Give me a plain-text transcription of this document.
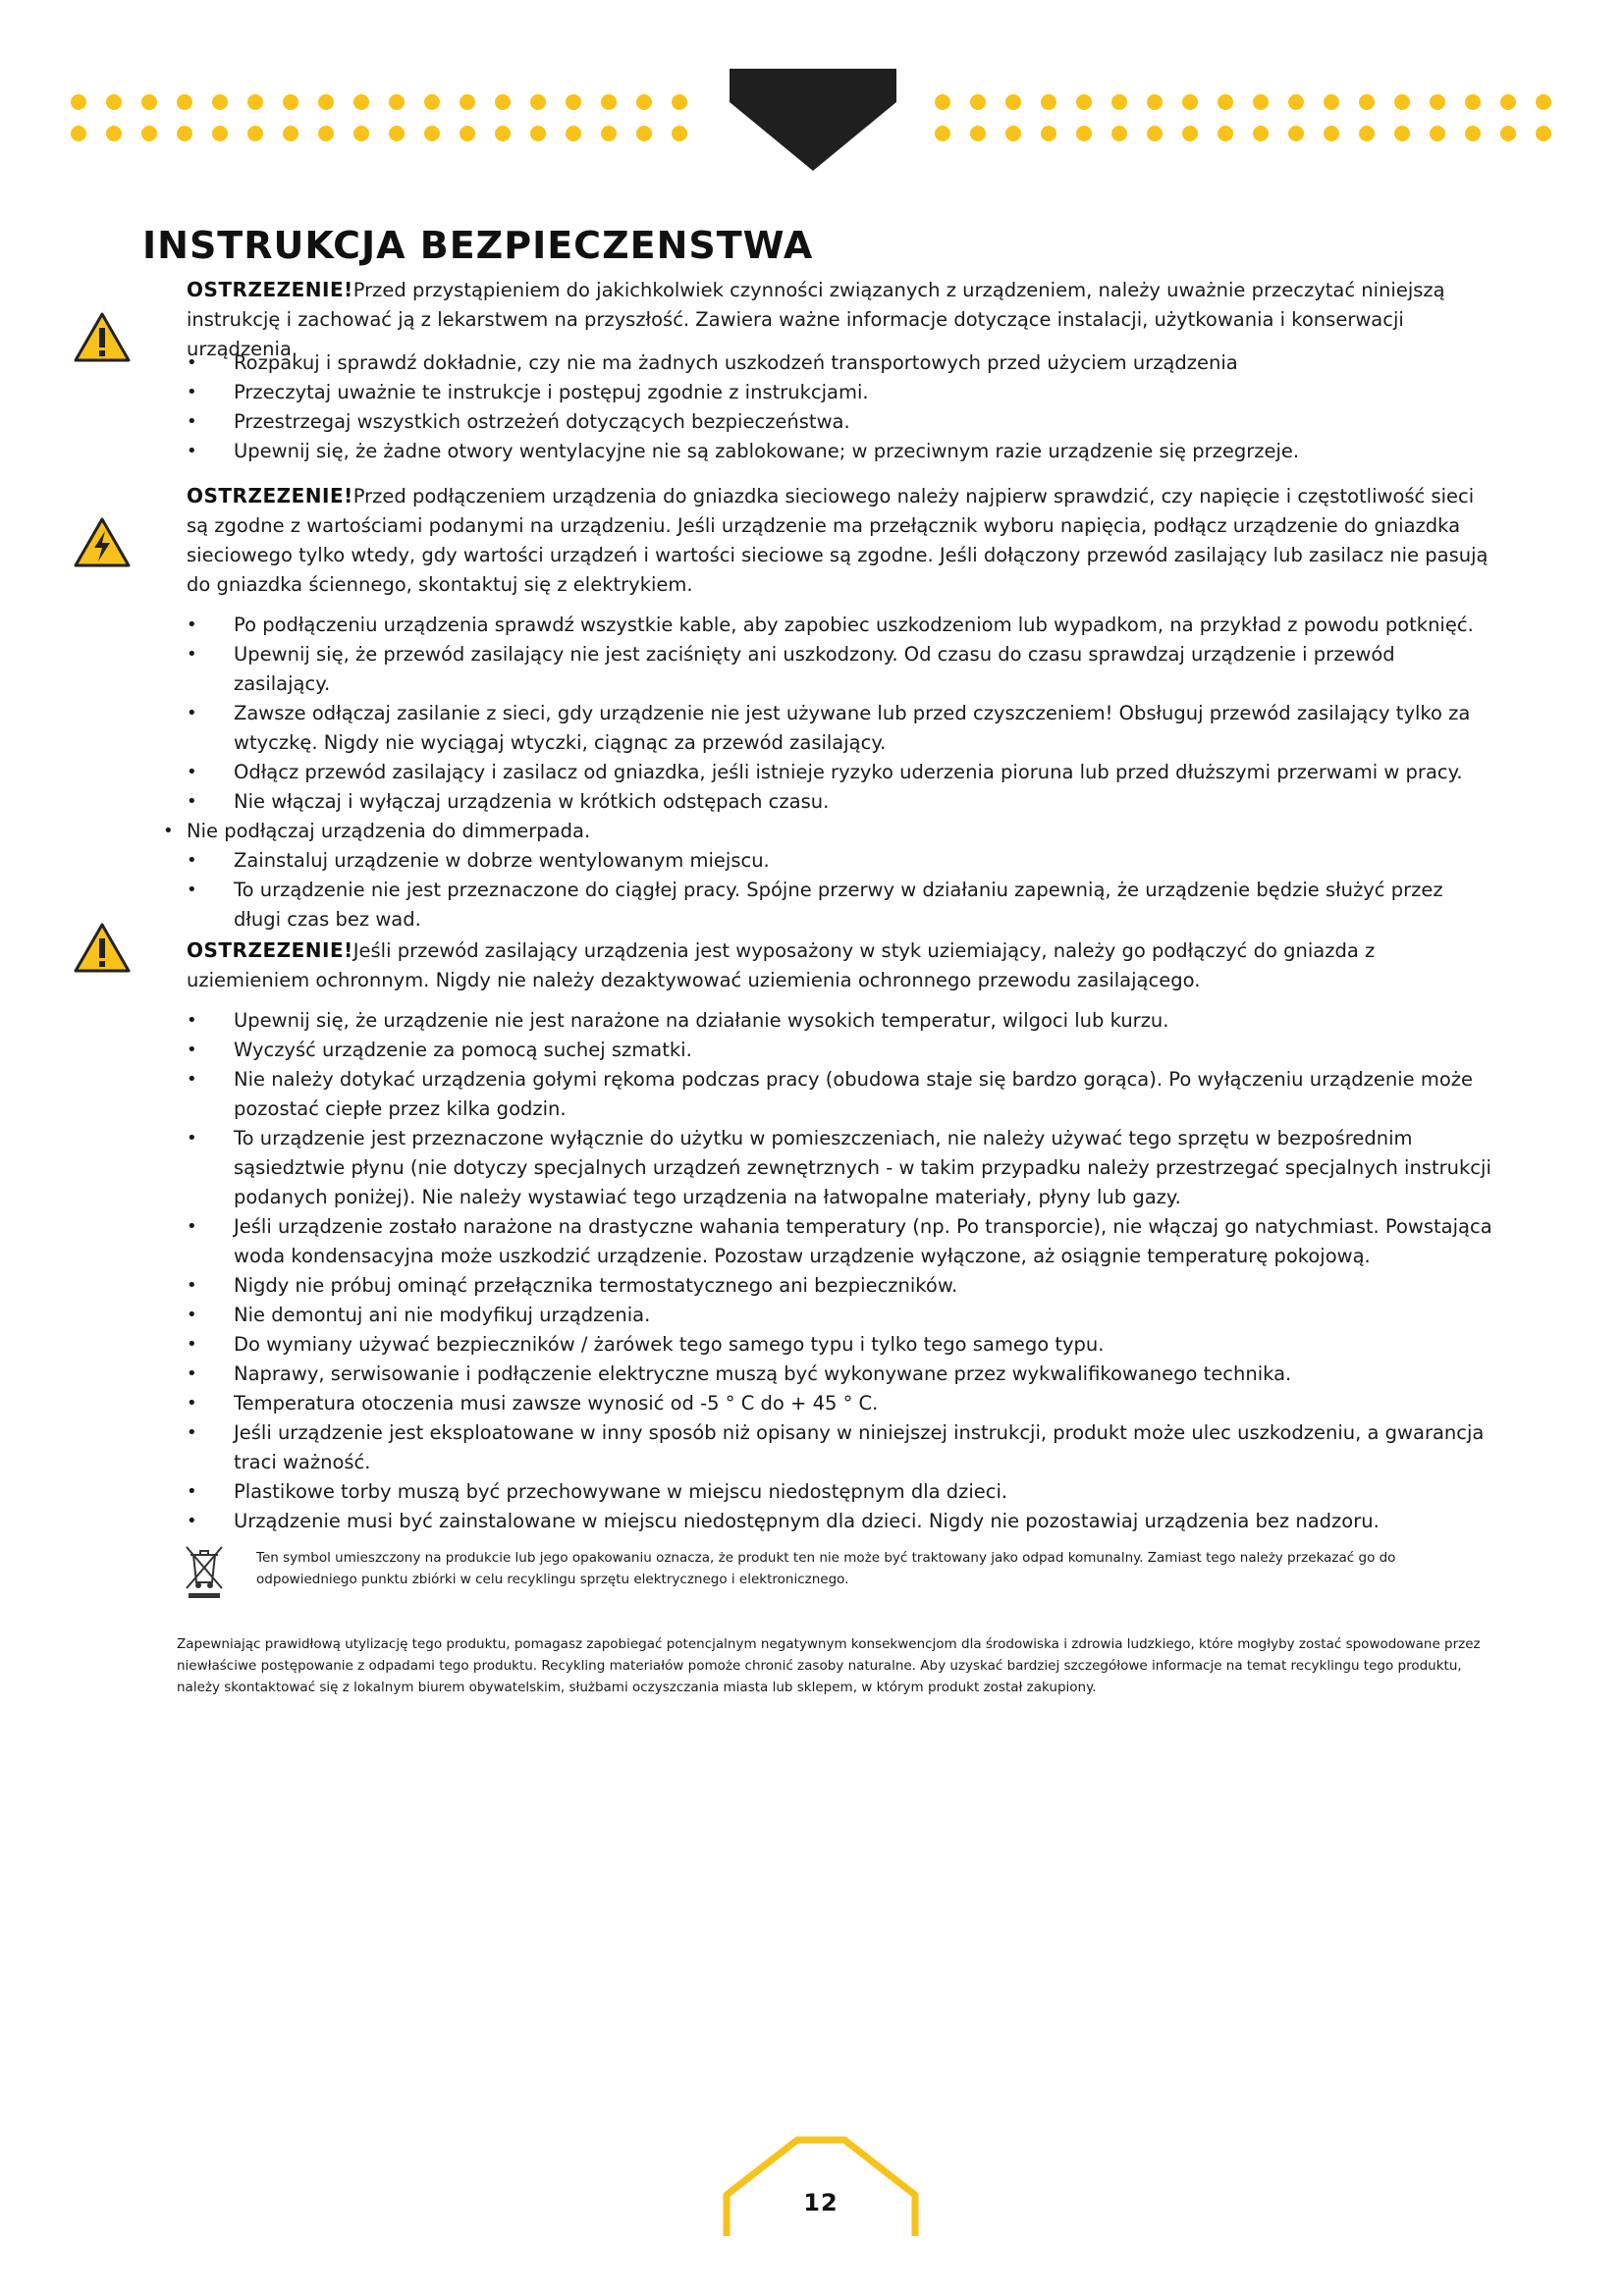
INSTRUKCJA BEZPIECZENSTWA
OSTRZEZENIE!Przed przystąpieniem do jakichkolwiek czynności związanych z urządzeniem, należy uważnie przeczytać niniejszą instrukcję i zachować ją z lekarstwem na przyszłość. Zawiera ważne informacje dotyczące instalacji, użytkowania i konserwacji urządzenia.
• Rozpakuj i sprawdź dokładnie, czy nie ma żadnych uszkodzeń transportowych przed użyciem urządzenia
• Przeczytaj uważnie te instrukcje i postępuj zgodnie z instrukcjami.
• Przestrzegaj wszystkich ostrzeżeń dotyczących bezpieczeństwa.
• Upewnij się, że żadne otwory wentylacyjne nie są zablokowane; w przeciwnym razie urządzenie się przegrzeje.
OSTRZEZENIE!Przed podłączeniem urządzenia do gniazdka sieciowego należy najpierw sprawdzić, czy napięcie i częstotliwość sieci są zgodne z wartościami podanymi na urządzeniu. Jeśli urządzenie ma przełącznik wyboru napięcia, podłącz urządzenie do gniazdka sieciowego tylko wtedy, gdy wartości urządzeń i wartości sieciowe są zgodne. Jeśli dołączony przewód zasilający lub zasilacz nie pasują do gniazdka ściennego, skontaktuj się z elektrykiem.
• Po podłączeniu urządzenia sprawdź wszystkie kable, aby zapobiec uszkodzeniom lub wypadkom, na przykład z powodu potknięć.
• Upewnij się, że przewód zasilający nie jest zaciśnięty ani uszkodzony. Od czasu do czasu sprawdzaj urządzenie i przewód zasilający.
• Zawsze odłączaj zasilanie z sieci, gdy urządzenie nie jest używane lub przed czyszczeniem! Obsługuj przewód zasilający tylko za wtyczkę. Nigdy nie wyciągaj wtyczki, ciągnąc za przewód zasilający.
• Odłącz przewód zasilający i zasilacz od gniazdka, jeśli istnieje ryzyko uderzenia pioruna lub przed dłuższymi przerwami w pracy.
• Nie włączaj i wyłączaj urządzenia w krótkich odstępach czasu.
• Nie podłączaj urządzenia do dimmerpada.
• Zainstaluj urządzenie w dobrze wentylowanym miejscu.
• To urządzenie nie jest przeznaczone do ciągłej pracy. Spójne przerwy w działaniu zapewnią, że urządzenie będzie służyć przez długi czas bez wad.
OSTRZEZENIE!Jeśli przewód zasilający urządzenia jest wyposażony w styk uziemiający, należy go podłączyć do gniazda z uziemieniem ochronnym. Nigdy nie należy dezaktywować uziemienia ochronnego przewodu zasilającego.
• Upewnij się, że urządzenie nie jest narażone na działanie wysokich temperatur, wilgoci lub kurzu.
• Wyczyść urządzenie za pomocą suchej szmatki.
• Nie należy dotykać urządzenia gołymi rękoma podczas pracy (obudowa staje się bardzo gorąca). Po wyłączeniu urządzenie może pozostać ciepłe przez kilka godzin.
• To urządzenie jest przeznaczone wyłącznie do użytku w pomieszczeniach, nie należy używać tego sprzętu w bezpośrednim sąsiedztwie płynu (nie dotyczy specjalnych urządzeń zewnętrznych - w takim przypadku należy przestrzegać specjalnych instrukcji podanych poniżej). Nie należy wystawiać tego urządzenia na łatwopalne materiały, płyny lub gazy.
• Jeśli urządzenie zostało narażone na drastyczne wahania temperatury (np. Po transporcie), nie włączaj go natychmiast. Powstająca woda kondensacyjna może uszkodzić urządzenie. Pozostaw urządzenie wyłączone, aż osiągnie temperaturę pokojową.
• Nigdy nie próbuj ominąć przełącznika termostatycznego ani bezpieczników.
• Nie demontuj ani nie modyfikuj urządzenia.
• Do wymiany używać bezpieczników / żarówek tego samego typu i tylko tego samego typu.
• Naprawy, serwisowanie i podłączenie elektryczne muszą być wykonywane przez wykwalifikowanego technika.
• Temperatura otoczenia musi zawsze wynosić od -5 ° C do + 45 ° C.
• Jeśli urządzenie jest eksploatowane w inny sposób niż opisany w niniejszej instrukcji, produkt może ulec uszkodzeniu, a gwarancja traci ważność.
• Plastikowe torby muszą być przechowywane w miejscu niedostępnym dla dzieci.
• Urządzenie musi być zainstalowane w miejscu niedostępnym dla dzieci. Nigdy nie pozostawiaj urządzenia bez nadzoru.
Ten symbol umieszczony na produkcie lub jego opakowaniu oznacza, że produkt ten nie może być traktowany jako odpad komunalny. Zamiast tego należy przekazać go do odpowiedniego punktu zbiórki w celu recyklingu sprzętu elektrycznego i elektronicznego.
Zapewniając prawidłową utylizację tego produktu, pomagasz zapobiegać potencjalnym negatywnym konsekwencjom dla środowiska i zdrowia ludzkiego, które mogłyby zostać spowodowane przez niewłaściwe postępowanie z odpadami tego produktu. Recykling materiałów pomoże chronić zasoby naturalne. Aby uzyskać bardziej szczegółowe informacje na temat recyklingu tego produktu, należy skontaktować się z lokalnym biurem obywatelskim, służbami oczyszczania miasta lub sklepem, w którym produkt został zakupiony.
12
